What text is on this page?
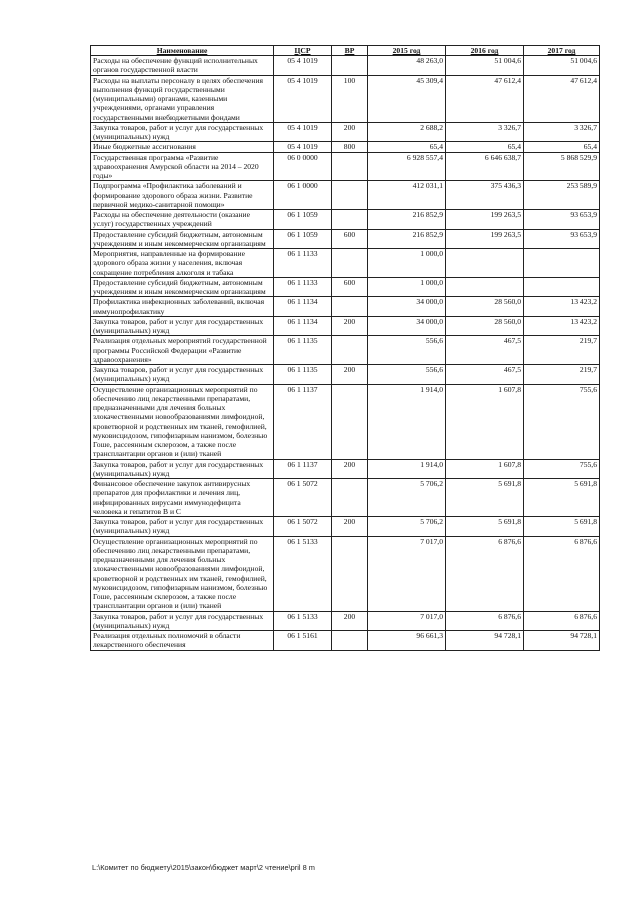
Наименование	ЦСР	ВР	2015 год	2016 год	2017 год
Расходы на обеспечение функций исполнительных органов государственной власти	05 4 1019		48 263,0	51 004,6	51 004,6
Расходы на выплаты персоналу в целях обеспечения выполнения функций государственными (муниципальными) органами, казенными учреждениями, органами управления государственными внебюджетными фондами	05 4 1019	100	45 309,4	47 612,4	47 612,4
Закупка товаров, работ и услуг для государственных (муниципальных) нужд	05 4 1019	200	2 688,2	3 326,7	3 326,7
Иные бюджетные ассигнования	05 4 1019	800	65,4	65,4	65,4
Государственная программа «Развитие здравоохранения Амурской области на 2014 – 2020 годы»	06 0 0000		6 928 557,4	6 646 638,7	5 868 529,9
Подпрограмма «Профилактика заболеваний и формирование здорового образа жизни. Развитие первичной медико-санитарной помощи»	06 1 0000		412 031,1	375 436,3	253 589,9
Расходы на обеспечение деятельности (оказание услуг) государственных учреждений	06 1 1059		216 852,9	199 263,5	93 653,9
Предоставление субсидий бюджетным, автономным учреждениям и иным некоммерческим организациям	06 1 1059	600	216 852,9	199 263,5	93 653,9
Мероприятия, направленные на формирование здорового образа жизни у населения, включая сокращение потребления алкоголя и табака	06 1 1133		1 000,0		
Предоставление субсидий бюджетным, автономным учреждениям и иным некоммерческим организациям	06 1 1133	600	1 000,0		
Профилактика инфекционных заболеваний, включая иммунопрофилактику	06 1 1134		34 000,0	28 560,0	13 423,2
Закупка товаров, работ и услуг для государственных (муниципальных) нужд	06 1 1134	200	34 000,0	28 560,0	13 423,2
Реализация отдельных мероприятий государственной программы Российской Федерации «Развитие здравоохранения»	06 1 1135		556,6	467,5	219,7
Закупка товаров, работ и услуг для государственных (муниципальных) нужд	06 1 1135	200	556,6	467,5	219,7
Осуществление организационных мероприятий по обеспечению лиц лекарственными препаратами, предназначенными для лечения больных злокачественными новообразованиями лимфоидной, кроветворной и родственных им тканей, гемофилией, муковисцидозом, гипофизарным нанизмом, болезнью Гоше, рассеянным склерозом, а также после трансплантации органов и (или) тканей	06 1 1137		1 914,0	1 607,8	755,6
Закупка товаров, работ и услуг для государственных (муниципальных) нужд	06 1 1137	200	1 914,0	1 607,8	755,6
Финансовое обеспечение закупок антивирусных препаратов для профилактики и лечения лиц, инфицированных вирусами иммунодефицита человека и гепатитов В и С	06 1 5072		5 706,2	5 691,8	5 691,8
Закупка товаров, работ и услуг для государственных (муниципальных) нужд	06 1 5072	200	5 706,2	5 691,8	5 691,8
Осуществление организационных мероприятий по обеспечению лиц лекарственными препаратами, предназначенными для лечения больных злокачественными новообразованиями лимфоидной, кроветворной и родственных им тканей, гемофилией, муковисцидозом, гипофизарным нанизмом, болезнью Гоше, рассеянным склерозом, а также после трансплантации органов и (или) тканей	06 1 5133		7 017,0	6 876,6	6 876,6
Закупка товаров, работ и услуг для государственных (муниципальных) нужд	06 1 5133	200	7 017,0	6 876,6	6 876,6
Реализация отдельных полномочий в области лекарственного обеспечения	06 1 5161		96 661,3	94 728,1	94 728,1
L:\Комитет по бюджету\2015\закон\бюджет март\2 чтение\pril 8 m
